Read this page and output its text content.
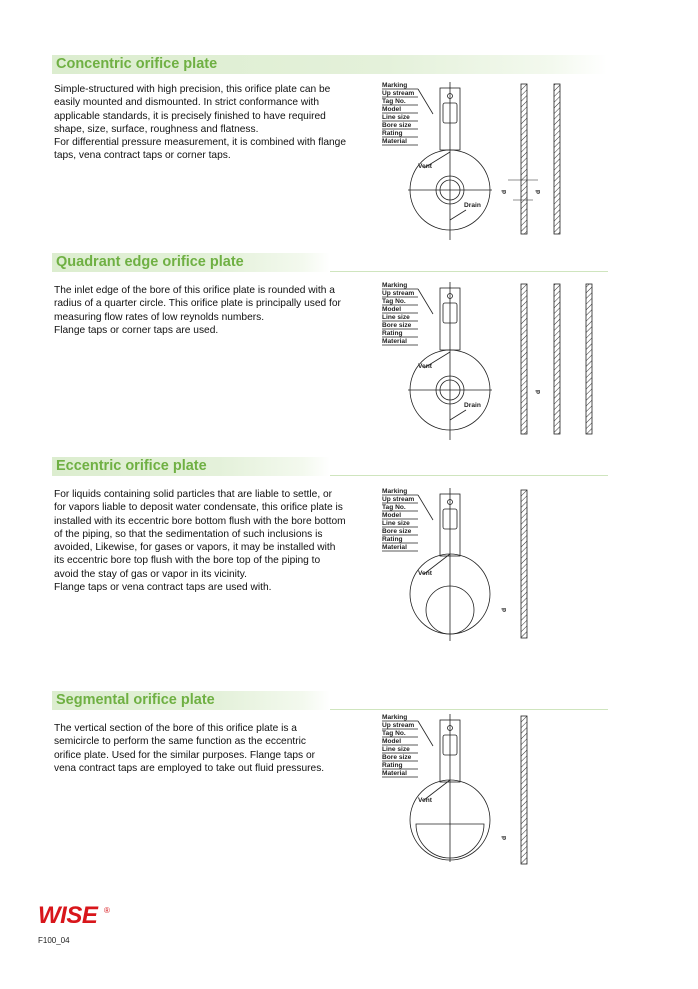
Concentric orifice plate

Simple-structured with high precision, this orifice plate can be easily mounted and dismounted. In strict conformance with applicable standards, it is precisely finished to have required shape, size, surface, roughness and flatness.
For differential pressure measurement, it is combined with flange taps, vena contract taps or corner taps.

Quadrant edge orifice plate

The inlet edge of the bore of this orifice plate is rounded with a radius of a quarter circle. This orifice plate is principally used for measuring flow rates of low reynolds numbers.
Flange taps or corner taps are used.

Eccentric orifice plate

For liquids containing solid particles that are liable to settle, or for vapors liable to deposit water condensate, this orifice plate is installed with its eccentric bore bottom flush with the bore bottom of the piping, so that the sedimentation of such inclusions is avoided, Likewise, for gases or vapors, it may be installed with its eccentric bore top flush with the bore top of the piping to avoid the stay of gas or vapor in its vicinity.
Flange taps or vena contract taps are used with.

Segmental orifice plate

The vertical section of the bore of this orifice plate is a semicircle to perform the same function as the eccentric orifice plate. Used for the similar purposes. Flange taps or vena contract taps are employed to take out fluid pressures.

Marking
Up stream
Tag No.
Model
Line size
Bore size
Rating
Material
Vent
Drain
d	d
Marking
Up stream
Tag No.
Model
Line size
Bore size
Rating
Material
Vent
Drain
d
Marking
Up stream
Tag No.
Model
Line size
Bore size
Rating
Material
Vent
d
Marking
Up stream
Tag No.
Model
Line size
Bore size
Rating
Material
Vent
d
WISE ®
F100_04
